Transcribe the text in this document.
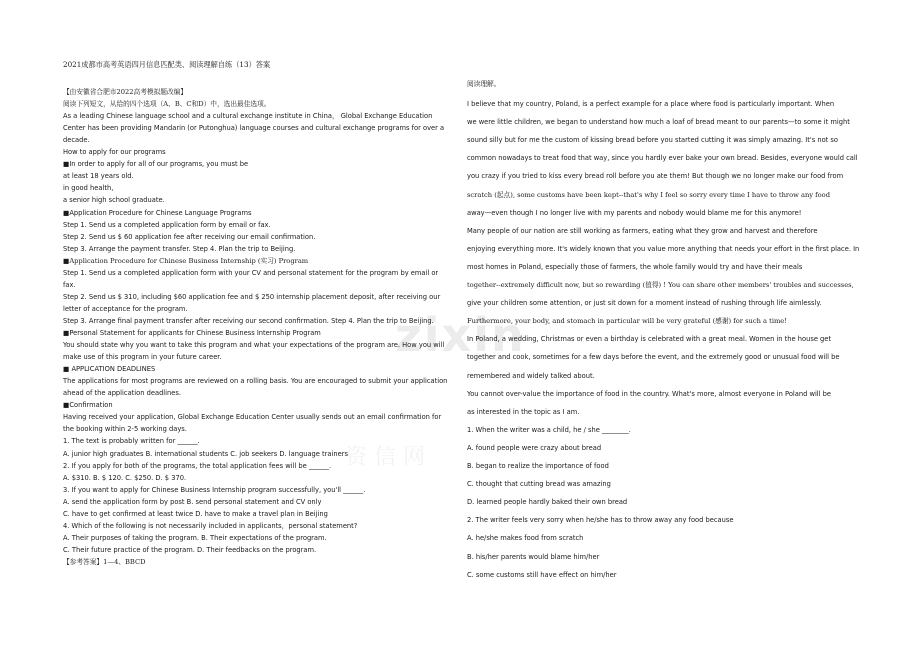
zixin
资 信 网
2021成都市高考英语四月信息匹配类、阅读理解自练（13）答案
【由安徽省合肥市2022高考模拟题改编】
阅读下列短文，从给的四个选项（A、B、C和D）中，选出最佳选项。
As a leading Chinese language school and a cultural exchange institute in China， Global Exchange Education
Center has been providing Mandarin (or Putonghua) language courses and cultural exchange programs for over a
decade.
How to apply for our programs
■In order to apply for all of our programs, you must be
at least 18 years old.
in good health,
a senior high school graduate.
■Application Procedure for Chinese Language Programs
Step 1. Send us a completed application form by email or fax.
Step 2. Send us $ 60 application fee after receiving our email confirmation.
Step 3. Arrange the payment transfer. Step 4. Plan the trip to Beijing.
■Application Procedure for Chinese Business Internship (实习) Program
Step 1. Send us a completed application form with your CV and personal statement for the program by email or
fax.
Step 2. Send us $ 310, including $60 application fee and $ 250 internship placement deposit, after receiving our
letter of acceptance for the program.
Step 3. Arrange final payment transfer after receiving our second confirmation. Step 4. Plan the trip to Beijing.
■Personal Statement for applicants for Chinese Business Internship Program
You should state why you want to take this program and what your expectations of the program are. How you will
make use of this program in your future career.
■ APPLICATION DEADLINES
The applications for most programs are reviewed on a rolling basis. You are encouraged to submit your application
ahead of the application deadlines.
■Confirmation
Having received your application, Global Exchange Education Center usually sends out an email confirmation for
the booking within 2-5 working days.
1. The text is probably written for ______.
A. junior high graduates B. international students C. job seekers D. language trainers
2. If you apply for both of the programs, the total application fees will be ______.
A. $310. B. $ 120. C. $250. D. $ 370.
3. If you want to apply for Chinese Business Internship program successfully, you'll ______.
A. send the application form by post B. send personal statement and CV only
C. have to get confirmed at least twice D. have to make a travel plan in Beijing
4. Which of the following is not necessarily included in applicants，personal statement?
A. Their purposes of taking the program. B. Their expectations of the program.
C. Their future practice of the program. D. Their feedbacks on the program.
【参考答案】1—4、BBCD
阅读理解。
I believe that my country, Poland, is a perfect example for a place where food is particularly important. When
we were little children, we began to understand how much a loaf of bread meant to our parents—to some it might
sound silly but for me the custom of kissing bread before you started cutting it was simply amazing. It's not so
common nowadays to treat food that way, since you hardly ever bake your own bread. Besides, everyone would call
you crazy if you tried to kiss every bread roll before you ate them! But though we no longer make our food from
scratch (起点), some customs have been kept--that's why I feel so sorry every time I have to throw any food
away—even though I no longer live with my parents and nobody would blame me for this anymore!
Many people of our nation are still working as farmers, eating what they grow and harvest and therefore
enjoying everything more. It's widely known that you value more anything that needs your effort in the first place. In
most homes in Poland, especially those of farmers, the whole family would try and have their meals
together--extremely difficult now, but so rewarding (值得) ! You can share other members' troubles and successes,
give your children some attention, or just sit down for a moment instead of rushing through life aimlessly.
Furthermore, your body, and stomach in particular will be very grateful (感谢) for such a time!
In Poland, a wedding, Christmas or even a birthday is celebrated with a great meal. Women in the house get
together and cook, sometimes for a few days before the event, and the extremely good or unusual food will be
remembered and widely talked about.
You cannot over-value the importance of food in the country. What's more, almost everyone in Poland will be
as interested in the topic as I am.
1. When the writer was a child, he / she ________.
A. found people were crazy about bread
B. began to realize the importance of food
C. thought that cutting bread was amazing
D. learned people hardly baked their own bread
2. The writer feels very sorry when he/she has to throw away any food because
A. he/she makes food from scratch
B. his/her parents would blame him/her
C. some customs still have effect on him/her
